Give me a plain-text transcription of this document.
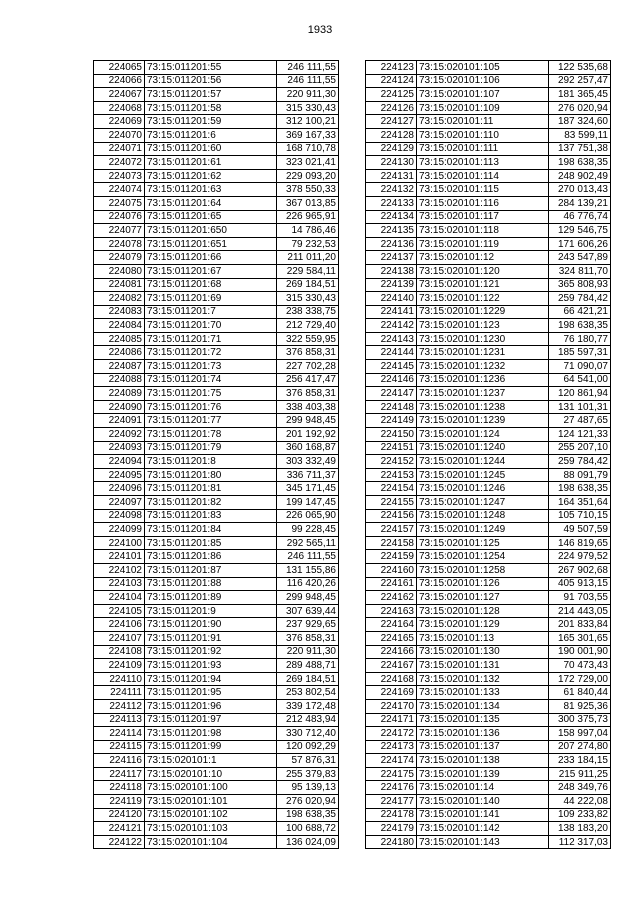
1933
224065	73:15:011201:55	246 111,55
224066	73:15:011201:56	246 111,55
224067	73:15:011201:57	220 911,30
224068	73:15:011201:58	315 330,43
224069	73:15:011201:59	312 100,21
224070	73:15:011201:6	369 167,33
224071	73:15:011201:60	168 710,78
224072	73:15:011201:61	323 021,41
224073	73:15:011201:62	229 093,20
224074	73:15:011201:63	378 550,33
224075	73:15:011201:64	367 013,85
224076	73:15:011201:65	226 965,91
224077	73:15:011201:650	14 786,46
224078	73:15:011201:651	79 232,53
224079	73:15:011201:66	211 011,20
224080	73:15:011201:67	229 584,11
224081	73:15:011201:68	269 184,51
224082	73:15:011201:69	315 330,43
224083	73:15:011201:7	238 338,75
224084	73:15:011201:70	212 729,40
224085	73:15:011201:71	322 559,95
224086	73:15:011201:72	376 858,31
224087	73:15:011201:73	227 702,28
224088	73:15:011201:74	256 417,47
224089	73:15:011201:75	376 858,31
224090	73:15:011201:76	338 403,38
224091	73:15:011201:77	299 948,45
224092	73:15:011201:78	201 192,92
224093	73:15:011201:79	360 168,87
224094	73:15:011201:8	303 332,49
224095	73:15:011201:80	336 711,37
224096	73:15:011201:81	345 171,45
224097	73:15:011201:82	199 147,45
224098	73:15:011201:83	226 065,90
224099	73:15:011201:84	99 228,45
224100	73:15:011201:85	292 565,11
224101	73:15:011201:86	246 111,55
224102	73:15:011201:87	131 155,86
224103	73:15:011201:88	116 420,26
224104	73:15:011201:89	299 948,45
224105	73:15:011201:9	307 639,44
224106	73:15:011201:90	237 929,65
224107	73:15:011201:91	376 858,31
224108	73:15:011201:92	220 911,30
224109	73:15:011201:93	289 488,71
224110	73:15:011201:94	269 184,51
224111	73:15:011201:95	253 802,54
224112	73:15:011201:96	339 172,48
224113	73:15:011201:97	212 483,94
224114	73:15:011201:98	330 712,40
224115	73:15:011201:99	120 092,29
224116	73:15:020101:1	57 876,31
224117	73:15:020101:10	255 379,83
224118	73:15:020101:100	95 139,13
224119	73:15:020101:101	276 020,94
224120	73:15:020101:102	198 638,35
224121	73:15:020101:103	100 688,72
224122	73:15:020101:104	136 024,09
224123	73:15:020101:105	122 535,68
224124	73:15:020101:106	292 257,47
224125	73:15:020101:107	181 365,45
224126	73:15:020101:109	276 020,94
224127	73:15:020101:11	187 324,60
224128	73:15:020101:110	83 599,11
224129	73:15:020101:111	137 751,38
224130	73:15:020101:113	198 638,35
224131	73:15:020101:114	248 902,49
224132	73:15:020101:115	270 013,43
224133	73:15:020101:116	284 139,21
224134	73:15:020101:117	46 776,74
224135	73:15:020101:118	129 546,75
224136	73:15:020101:119	171 606,26
224137	73:15:020101:12	243 547,89
224138	73:15:020101:120	324 811,70
224139	73:15:020101:121	365 808,93
224140	73:15:020101:122	259 784,42
224141	73:15:020101:1229	66 421,21
224142	73:15:020101:123	198 638,35
224143	73:15:020101:1230	76 180,77
224144	73:15:020101:1231	185 597,31
224145	73:15:020101:1232	71 090,07
224146	73:15:020101:1236	64 541,00
224147	73:15:020101:1237	120 861,94
224148	73:15:020101:1238	131 101,31
224149	73:15:020101:1239	27 487,65
224150	73:15:020101:124	124 121,33
224151	73:15:020101:1240	255 207,10
224152	73:15:020101:1244	259 784,42
224153	73:15:020101:1245	88 091,79
224154	73:15:020101:1246	198 638,35
224155	73:15:020101:1247	164 351,64
224156	73:15:020101:1248	105 710,15
224157	73:15:020101:1249	49 507,59
224158	73:15:020101:125	146 819,65
224159	73:15:020101:1254	224 979,52
224160	73:15:020101:1258	267 902,68
224161	73:15:020101:126	405 913,15
224162	73:15:020101:127	91 703,55
224163	73:15:020101:128	214 443,05
224164	73:15:020101:129	201 833,84
224165	73:15:020101:13	165 301,65
224166	73:15:020101:130	190 001,90
224167	73:15:020101:131	70 473,43
224168	73:15:020101:132	172 729,00
224169	73:15:020101:133	61 840,44
224170	73:15:020101:134	81 925,36
224171	73:15:020101:135	300 375,73
224172	73:15:020101:136	158 997,04
224173	73:15:020101:137	207 274,80
224174	73:15:020101:138	233 184,15
224175	73:15:020101:139	215 911,25
224176	73:15:020101:14	248 349,76
224177	73:15:020101:140	44 222,08
224178	73:15:020101:141	109 233,82
224179	73:15:020101:142	138 183,20
224180	73:15:020101:143	112 317,03
